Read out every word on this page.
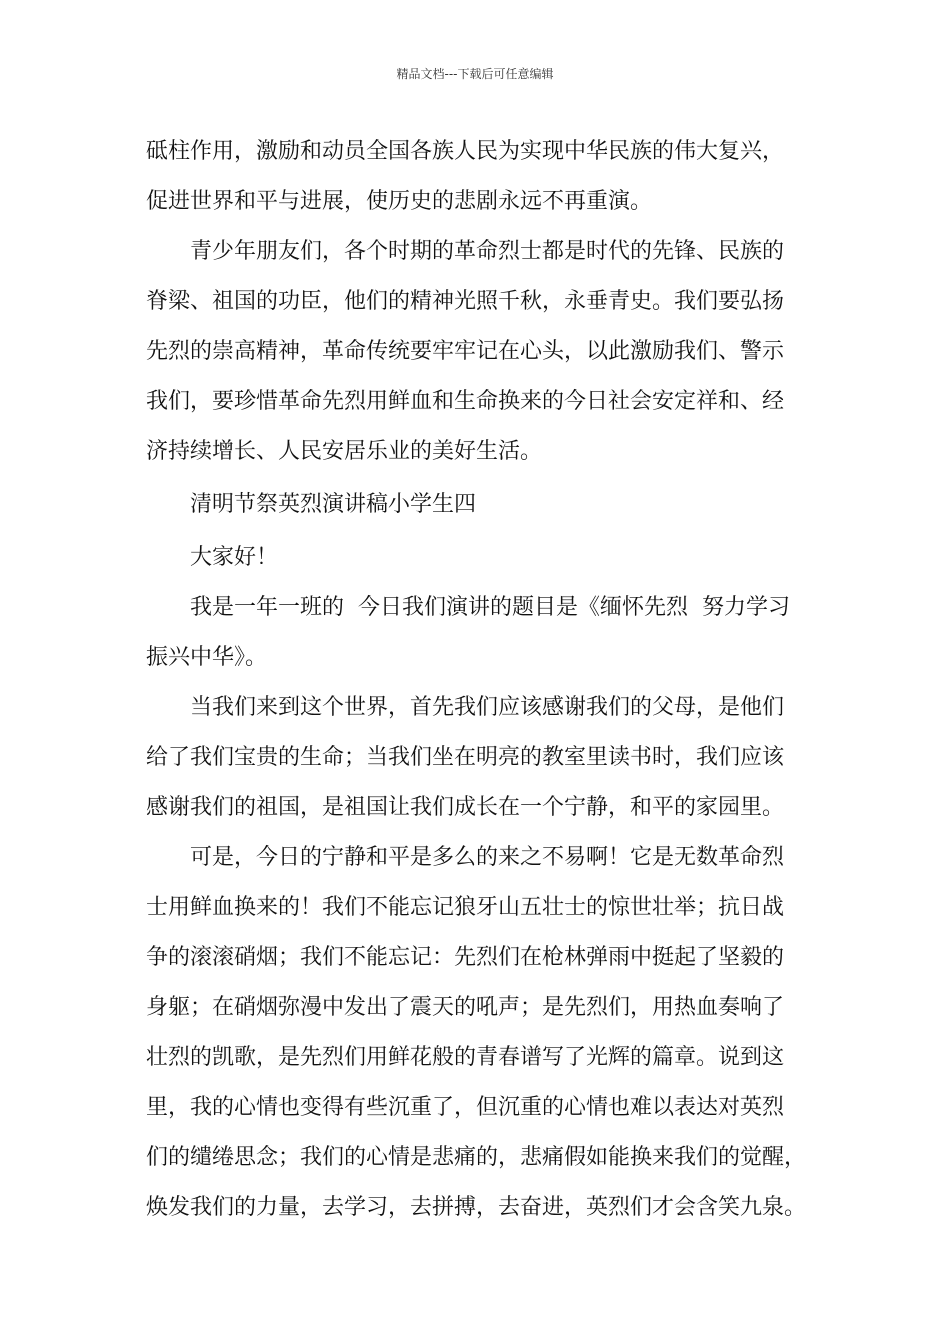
精品文档---下载后可任意编辑
砥柱作用，激励和动员全国各族人民为实现中华民族的伟大复兴，
促进世界和平与进展，使历史的悲剧永远不再重演。
青少年朋友们，各个时期的革命烈士都是时代的先锋、民族的
脊梁、祖国的功臣，他们的精神光照千秋，永垂青史。我们要弘扬
先烈的崇高精神，革命传统要牢牢记在心头，以此激励我们、警示
我们，要珍惜革命先烈用鲜血和生命换来的今日社会安定祥和、经
济持续增长、人民安居乐业的美好生活。
清明节祭英烈演讲稿小学生四
大家好！
我是一年一班的  今日我们演讲的题目是《缅怀先烈  努力学习
振兴中华》。
当我们来到这个世界，首先我们应该感谢我们的父母，是他们
给了我们宝贵的生命；当我们坐在明亮的教室里读书时，我们应该
感谢我们的祖国，是祖国让我们成长在一个宁静，和平的家园里。
可是，今日的宁静和平是多么的来之不易啊！它是无数革命烈
士用鲜血换来的！我们不能忘记狼牙山五壮士的惊世壮举；抗日战
争的滚滚硝烟；我们不能忘记：先烈们在枪林弹雨中挺起了坚毅的
身躯；在硝烟弥漫中发出了震天的吼声；是先烈们，用热血奏响了
壮烈的凯歌，是先烈们用鲜花般的青春谱写了光辉的篇章。说到这
里，我的心情也变得有些沉重了，但沉重的心情也难以表达对英烈
们的缱绻思念；我们的心情是悲痛的，悲痛假如能换来我们的觉醒，
焕发我们的力量，去学习，去拼搏，去奋进，英烈们才会含笑九泉。
